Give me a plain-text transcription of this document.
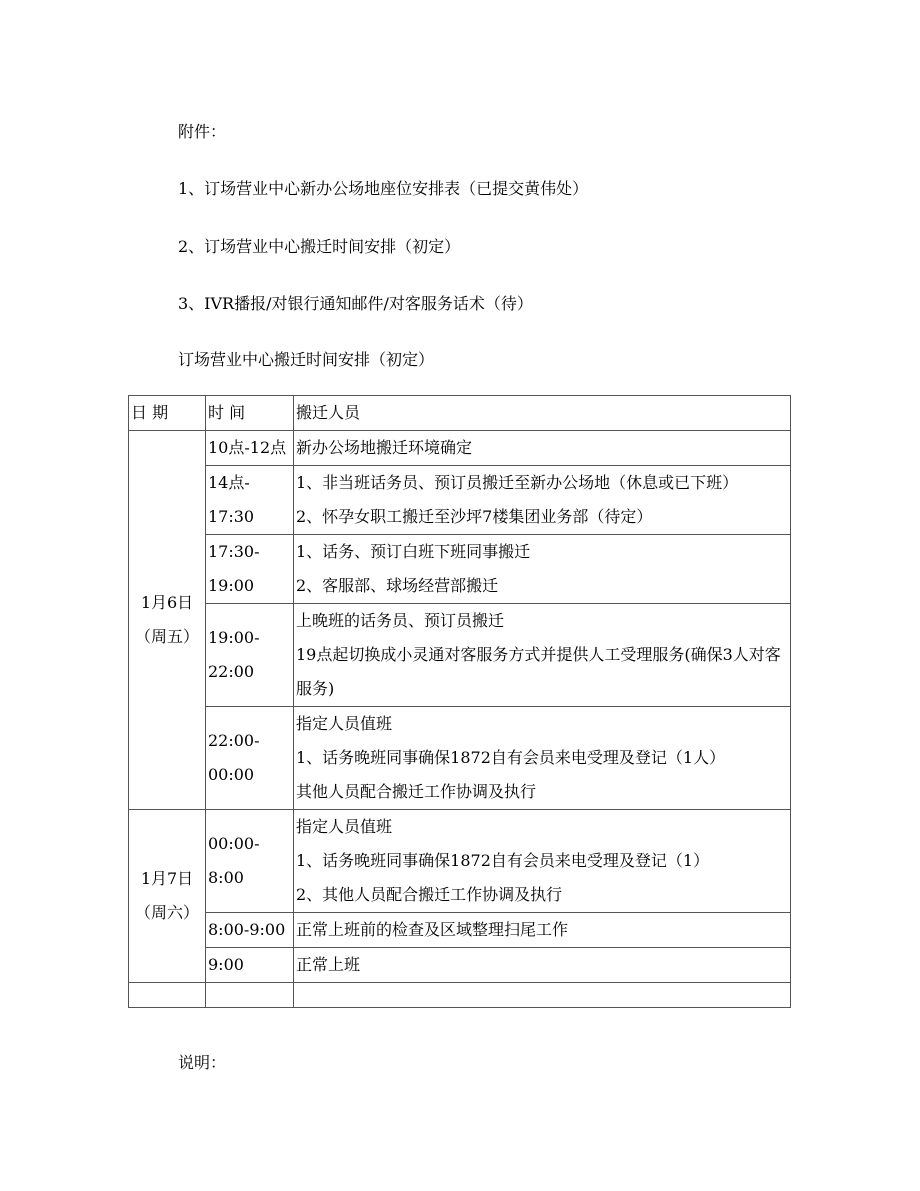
附件：
1、订场营业中心新办公场地座位安排表（已提交黄伟处）
2、订场营业中心搬迁时间安排（初定）
3、IVR播报/对银行通知邮件/对客服务话术（待）
订场营业中心搬迁时间安排（初定）
日 期	时 间	搬迁人员

1月6日
（周五）	10点-12点	新办公场地搬迁环境确定

	14点-
17:30	1、非当班话务员、预订员搬迁至新办公场地（休息或已下班）
2、怀孕女职工搬迁至沙坪7楼集团业务部（待定）

	17:30-
19:00	1、话务、预订白班下班同事搬迁
2、客服部、球场经营部搬迁

	19:00-
22:00	上晚班的话务员、预订员搬迁
19点起切换成小灵通对客服务方式并提供人工受理服务(确保3人对客服务)

	22:00-
00:00	指定人员值班
1、话务晚班同事确保1872自有会员来电受理及登记（1人）
其他人员配合搬迁工作协调及执行

1月7日
（周六）	00:00-
8:00	指定人员值班
1、话务晚班同事确保1872自有会员来电受理及登记（1）
2、其他人员配合搬迁工作协调及执行

	8:00-9:00	正常上班前的检查及区域整理扫尾工作

	9:00	正常上班

说明：
